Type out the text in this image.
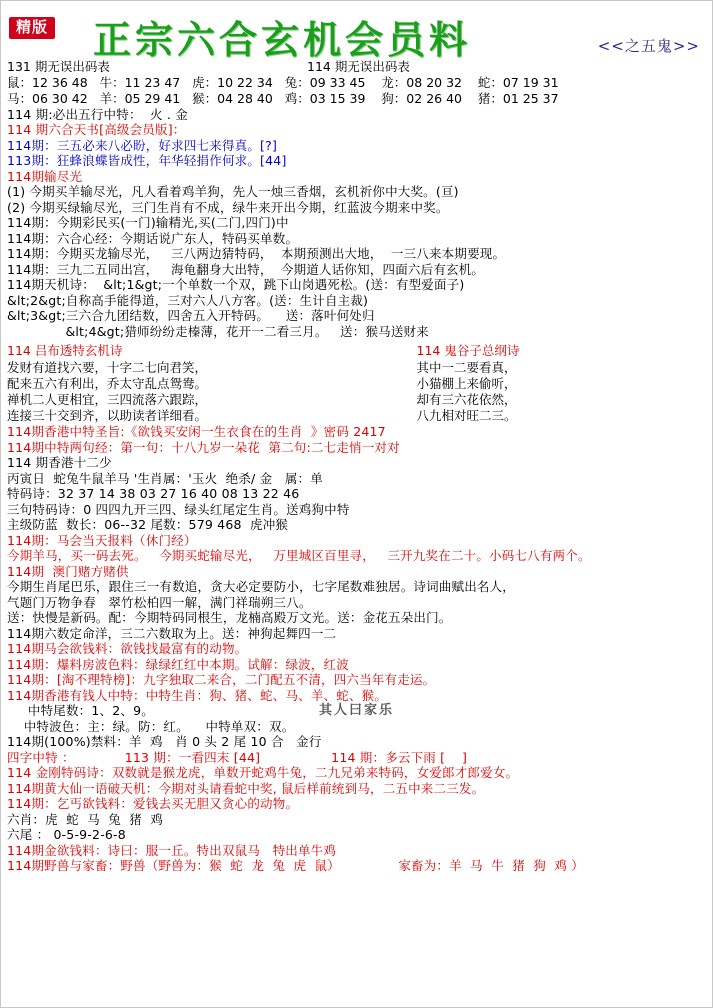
精版 正宗六合玄机会员料	<<之五鬼>>
131 期无误出码表	114 期无误出码表
鼠：12 36 48   牛：11 23 47   虎：10 22 34   兔：09 33 45    龙：08 20 32    蛇：07 19 31
马：06 30 42   羊：05 29 41   猴：04 28 40   鸡：03 15 39    狗：02 26 40    猪：01 25 37
114 期:必出五行中特：  火 . 金
114 期六合天书[高级会员版]：
114期：三五必来八必盼，好求四七来得真。[?]
113期：狂蜂浪蝶皆成性，年华轻捐作何求。[44]
114期输尽光
(1) 今期买羊输尽光，凡人看着鸡羊狗，先人一烛三香烟，玄机祈你中大奖。(亘)
(2) 今期买绿输尽光，三门生肖有不成，绿牛来开出今期，红蓝波今期来中奖。
114期：今期彩民买(一门)输精光,买(二门,四门)中
114期：六合心经：今期话说广东人，特码买单数。
114期：今期买龙输尽光，   三八两边猜特码，  本期预测出大地，  一三八来本期要现。
114期：三九二五同出宫，   海龟翻身大出特，  今期道人话你知，四面六后有玄机。
114期天机诗：  &lt;1&gt;一个单数一个双，跳下山岗遇死松。(送：有型爱面子)
&lt;2&gt;自称高手能得道，三对六人八方客。(送：生计自主裁)
&lt;3&gt;三六合九团结数，四舍五入开特码。    送：落叶何处归
&lt;4&gt;猎师纷纷走榛薄，花开一二看三月。   送：猴马送财来
114 吕布透特玄机诗
发财有道找六要，十字二七向君笑，
配来五六有利出，乔太守乱点鸳鸯。
禅机二人更相宜，三四流落六跟踪，
连接三十交到齐，以助读者详细看。
114 鬼谷子总纲诗
其中一二要看真，
小猫棚上来偷听，
却有三六花依然，
八九相对旺二三。
114期香港中特圣旨:《欲钱买安闲一生衣食在的生肖  》密码 2417
114期中特两句经：第一句：十八九岁一朵花  第二句:二七走悄一对对
114 期香港十二少
丙寅日  蛇兔牛鼠羊马 '生肖属：'玉火  绝杀/ 金   属：单
特码诗：32 37 14 38 03 27 16 40 08 13 22 46
三句特码诗：0 四四九开三四、绿头红尾定生肖。送鸡狗中特
主级防蓝  数长：06--32 尾数：579 468  虎冲猴
114期：马会当天报料（休门经）
今期羊马，买一码去死。   今期买蛇输尽光，   万里城区百里寻，   三开九奖在二十。小码七八有两个。
114期  澳门赌方赌供
今期生肖尾巴乐，跟住三一有数追，贪大必定要防小，七字尾数难独居。诗词曲赋出名人，
气题门万物争春   翠竹松柏四一解，满门祥瑞朔三八。
送：快慢是新码。配：今期特码同根生，龙楠高殿万文光。送：金花五朵出门。
114期六数定命洋，三二六数取为上。送：神狗起舞四一二
114期马会欲钱料：欲钱找最富有的动物。
114期：爆料房波色料：绿绿红红中本期。试解：绿波，红波
114期：[淘不理特榜]：九字独取二来合，二门配五不清，四六当年有走运。
114期香港有钱人中特：中特生肖：狗、猪、蛇、马、羊、蛇、猴。
中特尾数：1、2、9。	其人曰家乐
中特波色：主：绿。防：红。    中特单双：双。
114期(100%)禁料：羊  鸡   肖 0 头 2 尾 10 合   金行
四字中特 ：            113 期：一看四末 [44]                 114 期：多云下雨 [    ]
114 金刚特码诗：双数就是猴龙虎，单数开蛇鸡牛兔，二九兄弟来特码，女爱郎才郎爱女。
114期黄大仙一语破天机：今期对头请看蛇中奖, 鼠后样前统到马，二五中来二三发。
114期：乞丐欲钱料：爱钱去买无胆又贪心的动物。
六肖：虎  蛇  马  兔  猪  鸡
六尾 ： 0-5-9-2-6-8
114期金欲钱料：诗曰：服一丘。特出双鼠马   特出单牛鸡
114期野兽与家畜：野兽（野兽为：猴  蛇  龙  兔  虎  鼠）              家畜为：羊  马  牛  猪  狗  鸡 ）
